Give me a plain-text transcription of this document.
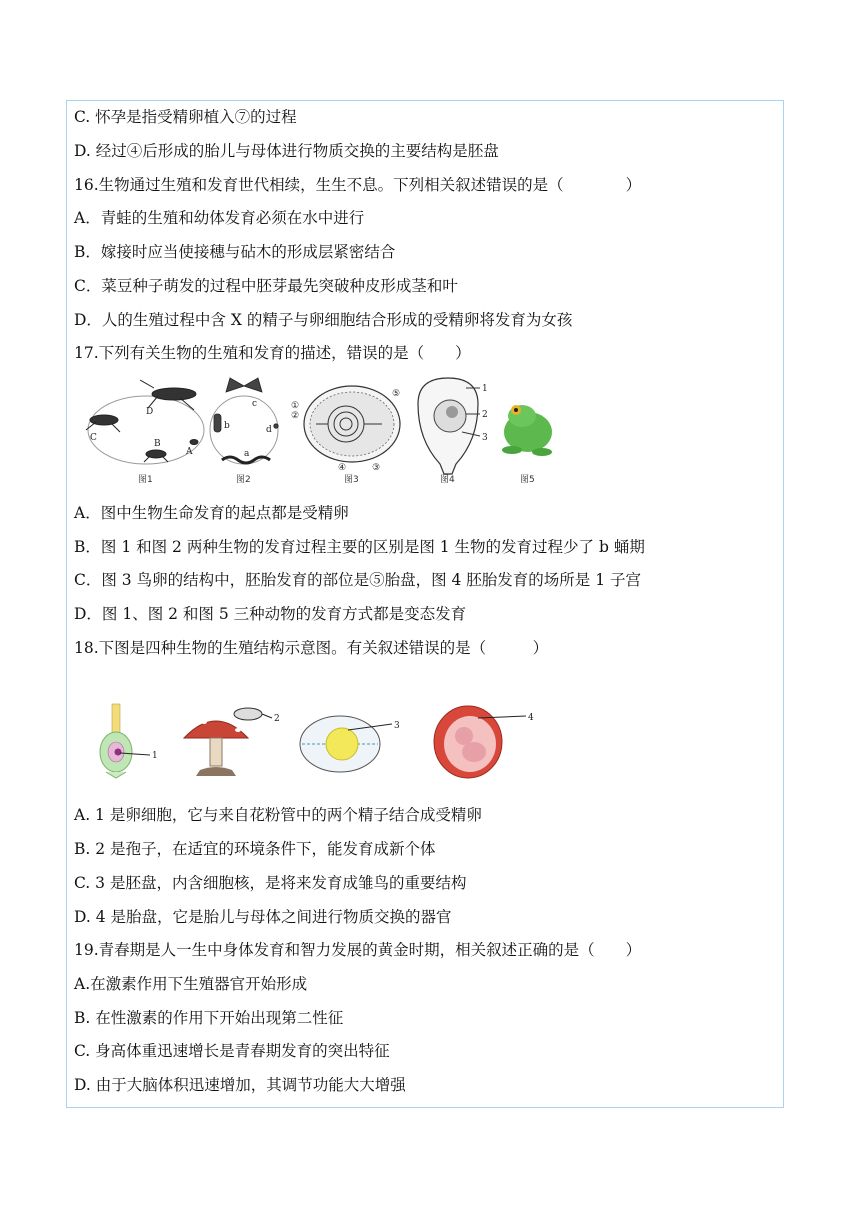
C. 怀孕是指受精卵植入⑦的过程
D. 经过④后形成的胎儿与母体进行物质交换的主要结构是胚盘
16.生物通过生殖和发育世代相续，生生不息。下列相关叙述错误的是（　　　　）
A．青蛙的生殖和幼体发育必须在水中进行
B．嫁接时应当使接穗与砧木的形成层紧密结合
C．菜豆种子萌发的过程中胚芽最先突破种皮形成茎和叶
D．人的生殖过程中含 X 的精子与卵细胞结合形成的受精卵将发育为女孩
17.下列有关生物的生殖和发育的描述，错误的是（　　）
D
C
B
A
图1
c
b	d
a
图2
①
②
③
④
⑤
图3
1
2
3
图4	图5
A．图中生物生命发育的起点都是受精卵
B．图 1 和图 2 两种生物的发育过程主要的区别是图 1 生物的发育过程少了 b 蛹期
C．图 3 鸟卵的结构中，胚胎发育的部位是⑤胎盘，图 4 胚胎发育的场所是 1 子宫
D．图 1、图 2 和图 5 三种动物的发育方式都是变态发育
18.下图是四种生物的生殖结构示意图。有关叙述错误的是（　　　）
1
2
3
4
A. 1 是卵细胞，它与来自花粉管中的两个精子结合成受精卵
B. 2 是孢子，在适宜的环境条件下，能发育成新个体
C. 3 是胚盘，内含细胞核，是将来发育成雏鸟的重要结构
D. 4 是胎盘，它是胎儿与母体之间进行物质交换的器官
19.青春期是人一生中身体发育和智力发展的黄金时期，相关叙述正确的是（　　）
A.在激素作用下生殖器官开始形成
B. 在性激素的作用下开始出现第二性征
C. 身高体重迅速增长是青春期发育的突出特征
D. 由于大脑体积迅速增加，其调节功能大大增强
